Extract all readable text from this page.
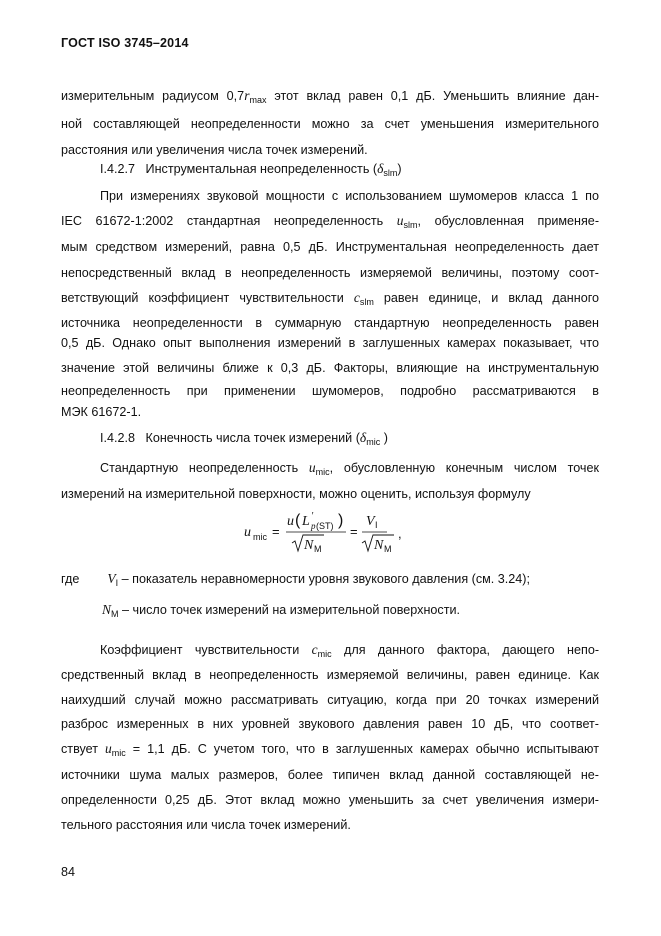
ГОСТ ISO 3745–2014
измерительным радиусом $0,7r_{max}$ этот вклад равен 0,1 дБ. Уменьшить влияние дан-
ной составляющей неопределенности можно за счет уменьшения измерительного
расстояния или увеличения числа точек измерений.
I.4.2.7 Инструментальная неопределенность $(\delta_{slm})$
При измерениях звуковой мощности с использованием шумомеров класса 1 по
IEC 61672-1:2002 стандартная неопределенность $u_{slm}$, обусловленная применяе-
мым средством измерений, равна 0,5 дБ. Инструментальная неопределенность дает
непосредственный вклад в неопределенность измеряемой величины, поэтому соот-
ветствующий коэффициент чувствительности $c_{slm}$ равен единице, и вклад данного
источника неопределенности в суммарную стандартную неопределенность равен
0,5 дБ. Однако опыт выполнения измерений в заглушенных камерах показывает, что
значение этой величины ближе к 0,3 дБ. Факторы, влияющие на инструментальную
неопределенность при применении шумомеров, подробно рассматриваются в
МЭК 61672-1.
I.4.2.8 Конечность числа точек измерений ($\delta_{mic}$ )
Стандартную неопределенность $u_{mic}$, обусловленную конечным числом точек
измерений на измерительной поверхности, можно оценить, используя формулу
u mic =
u ( L ′
p (ST) )
N M
=
V I
N M
,
где $V_I$ – показатель неравномерности уровня звукового давления (см. 3.24);
$N_M$ – число точек измерений на измерительной поверхности.
Коэффициент чувствительности $c_{mic}$ для данного фактора, дающего непо-
средственный вклад в неопределенность измеряемой величины, равен единице. Как
наихудший случай можно рассматривать ситуацию, когда при 20 точках измерений
разброс измеренных в них уровней звукового давления равен 10 дБ, что соответ-
ствует $u_{mic} = 1,1$ дБ. С учетом того, что в заглушенных камерах обычно испытывают
источники шума малых размеров, более типичен вклад данной составляющей не-
определенности 0,25 дБ. Этот вклад можно уменьшить за счет увеличения измери-
тельного расстояния или числа точек измерений.
84
